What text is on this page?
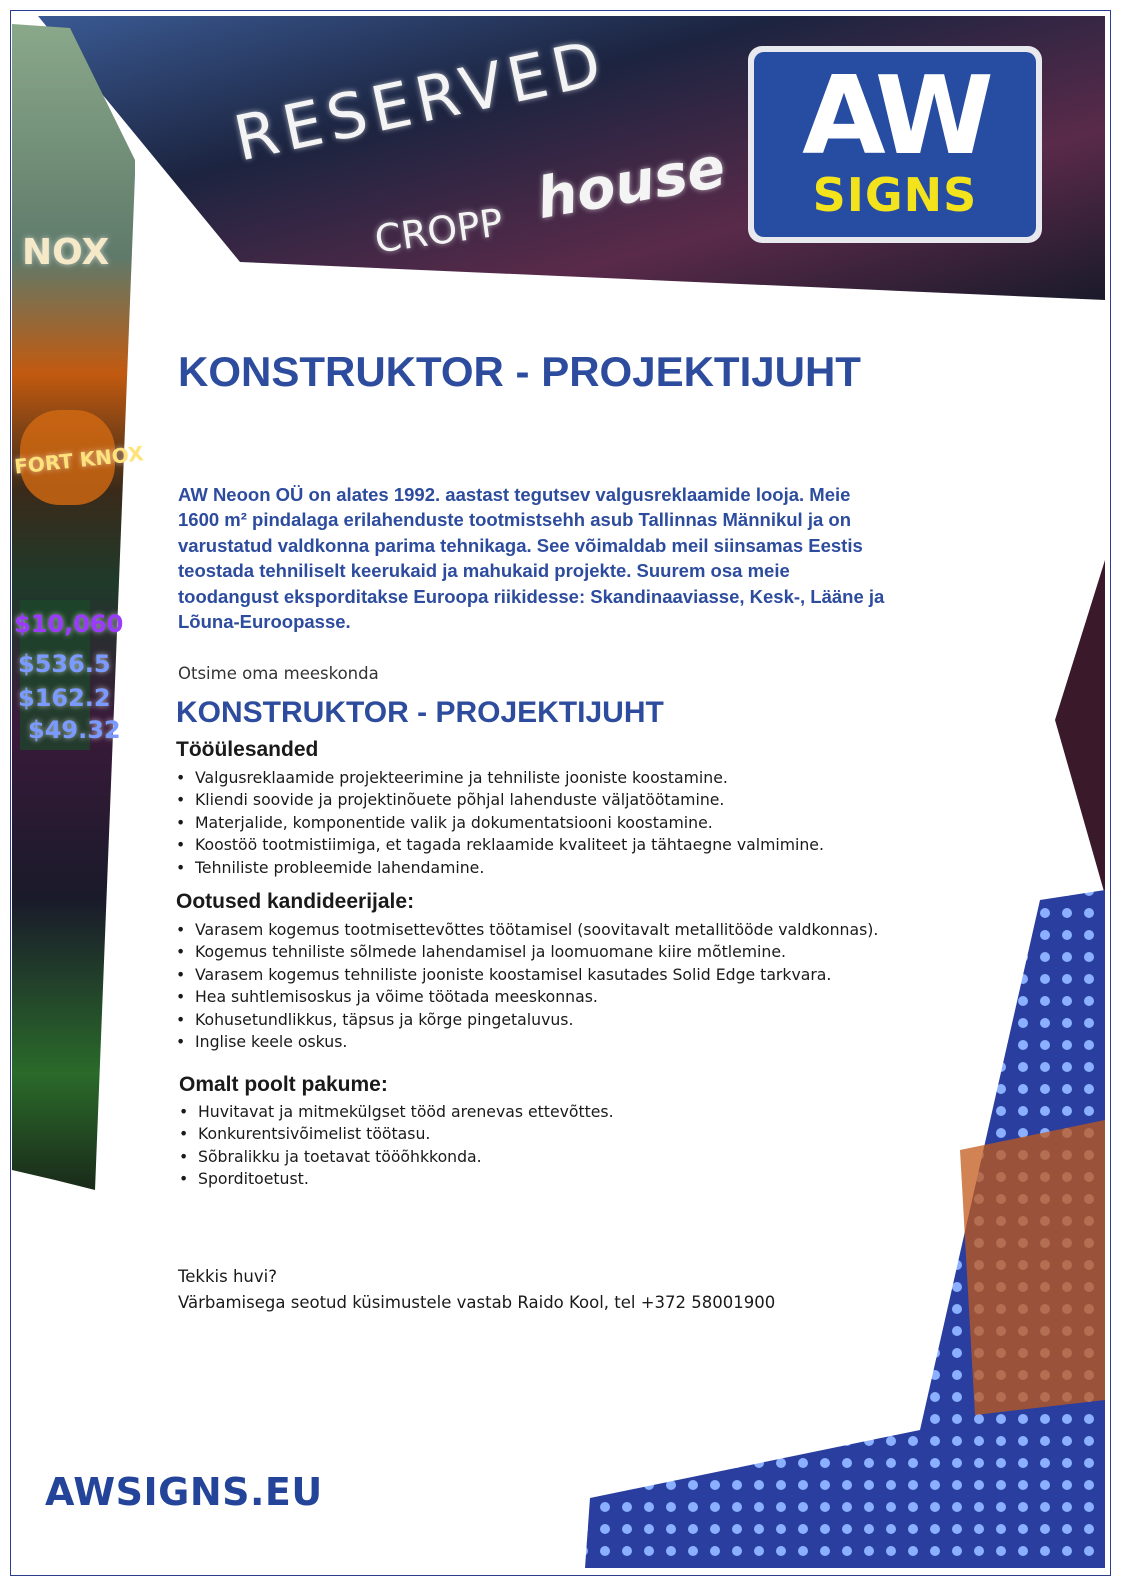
RESERVED
CROPP house
NOX
FORT KNOX
$10,060
$536.5
$162.2
$49.32
AW
SIGNS
KONSTRUKTOR - PROJEKTIJUHT
AW Neoon OÜ on alates 1992. aastast tegutsev valgusreklaamide looja. Meie
1600 m² pindalaga erilahenduste tootmistsehh asub Tallinnas Männikul ja on
varustatud valdkonna parima tehnikaga. See võimaldab meil siinsamas Eestis
teostada tehniliselt keerukaid ja mahukaid projekte. Suurem osa meie
toodangust eksporditakse Euroopa riikidesse: Skandinaaviasse, Kesk-, Lääne ja
Lõuna-Euroopasse.

Otsime oma meeskonda

KONSTRUKTOR - PROJEKTIJUHT
Tööülesanded
• Valgusreklaamide projekteerimine ja tehniliste jooniste koostamine.
• Kliendi soovide ja projektinõuete põhjal lahenduste väljatöötamine.
• Materjalide, komponentide valik ja dokumentatsiooni koostamine.
• Koostöö tootmistiimiga, et tagada reklaamide kvaliteet ja tähtaegne valmimine.
• Tehniliste probleemide lahendamine.
Ootused kandideerijale:
• Varasem kogemus tootmisettevõttes töötamisel (soovitavalt metallitööde valdkonnas).
• Kogemus tehniliste sõlmede lahendamisel ja loomuomane kiire mõtlemine.
• Varasem kogemus tehniliste jooniste koostamisel kasutades Solid Edge tarkvara.
• Hea suhtlemisoskus ja võime töötada meeskonnas.
• Kohusetundlikkus, täpsus ja kõrge pingetaluvus.
• Inglise keele oskus.
Omalt poolt pakume:
• Huvitavat ja mitmekülgset tööd arenevas ettevõttes.
• Konkurentsivõimelist töötasu.
• Sõbralikku ja toetavat tööõhkkonda.
• Sporditoetust.
Tekkis huvi?
Värbamisega seotud küsimustele vastab Raido Kool, tel +372 58001900
AWSIGNS.EU
